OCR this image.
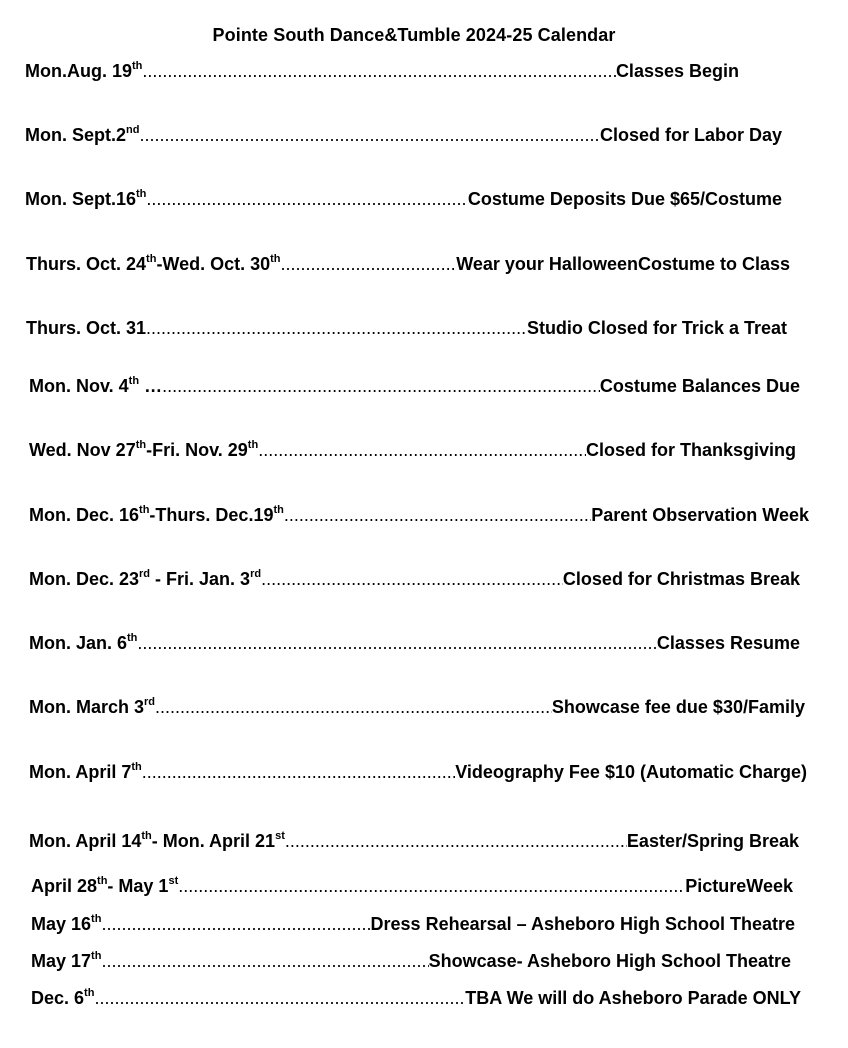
Pointe South Dance&Tumble 2024-25 Calendar
Mon.Aug. 19th .....	Classes Begin
Mon. Sept.2nd .....	Closed for Labor Day
Mon. Sept.16th .....	Costume Deposits Due $65/Costume
Thurs. Oct. 24th-Wed. Oct. 30th .....	Wear your HalloweenCostume to Class
Thurs. Oct. 31 .....	Studio Closed for Trick a Treat
Mon. Nov. 4th … .....	Costume Balances Due
Wed. Nov 27th-Fri. Nov. 29th .....	Closed for Thanksgiving
Mon. Dec. 16th-Thurs. Dec.19th .....	Parent Observation Week
Mon. Dec. 23rd - Fri. Jan. 3rd .....	Closed for Christmas Break
Mon. Jan. 6th .....	Classes Resume
Mon. March 3rd .....	Showcase fee due $30/Family
Mon. April 7th .....	Videography Fee $10 (Automatic Charge)
Mon. April 14th- Mon. April 21st .....	Easter/Spring Break
April 28th- May 1st .....	PictureWeek
May 16th .....	Dress Rehearsal – Asheboro High School Theatre
May 17th .....	Showcase- Asheboro High School Theatre
Dec. 6th .....	TBA We will do Asheboro Parade ONLY
